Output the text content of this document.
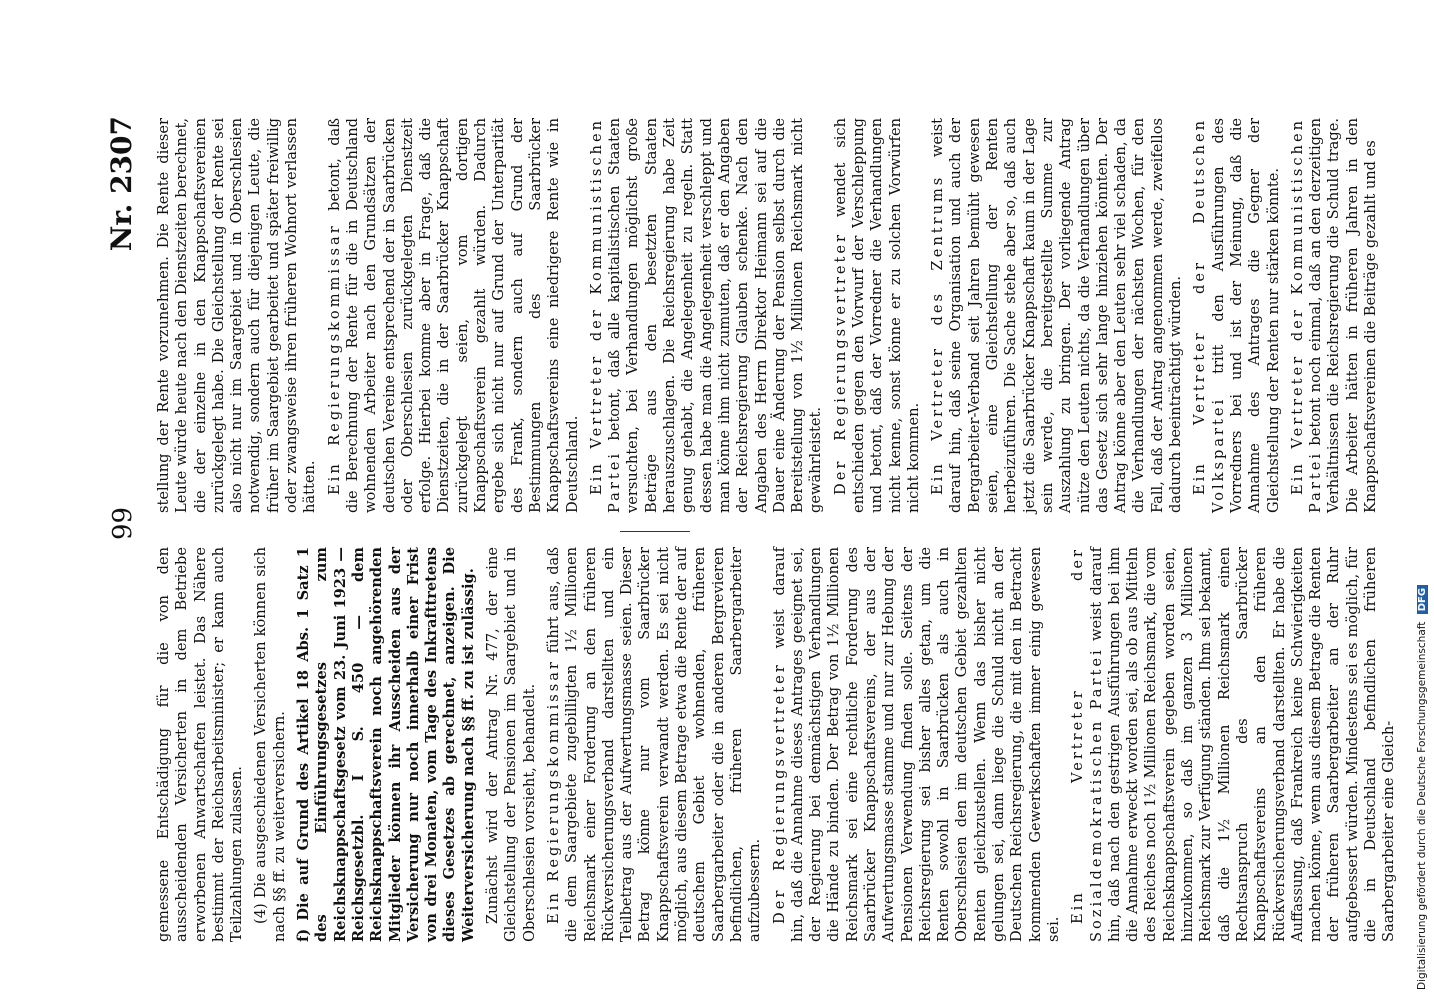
99
Nr. 2307

gemessene Entschädigung für die von den ausscheidenden Versicherten in dem Betriebe erworbenen Anwartschaften leistet. Das Nähere bestimmt der Reichsarbeitsminister; er kann auch Teilzahlungen zulassen. (4) Die ausgeschiedenen Versicherten können sich nach §§ ff. zu weiterversichern. f) Die auf Grund des Artikel 18 Abs. 1 Satz 1 des Einführungsgesetzes zum Reichsknappschaftsgesetz vom 23. Juni 1923 — Reichsgesetzbl. I S. 450 — dem Reichsknappschaftsverein noch angehörenden Mitglieder können ihr Ausscheiden aus der Versicherung nur noch innerhalb einer Frist von drei Monaten, vom Tage des Inkrafttretens dieses Gesetzes ab gerechnet, anzeigen. Die Weiterversicherung nach §§ ff. zu ist zulässig. Zunächst wird der Antrag Nr. 477, der eine Gleichstellung der Pensionen im Saargebiet und in Oberschlesien vorsieht, behandelt. Ein Regierungskommissar führt aus, daß die dem Saargebiete zugebilligten 1½ Millionen Reichsmark einer Forderung an den früheren Rückversicherungsverband darstellten und ein Teilbetrag aus der Aufwertungsmasse seien. Dieser Betrag könne nur vom Saarbrücker Knappschaftsverein verwandt werden. Es sei nicht möglich, aus diesem Betrage etwa die Rente der auf deutschem Gebiet wohnenden, früheren Saarbergarbeiter oder die in anderen Bergrevieren befindlichen, früheren Saarbergarbeiter aufzubessern. Der Regierungsvertreter weist darauf hin, daß die Annahme dieses Antrages geeignet sei, der Regierung bei demnächstigen Verhandlungen die Hände zu binden. Der Betrag von 1½ Millionen Reichsmark sei eine rechtliche Forderung des Saarbrücker Knappschaftsvereins, der aus der Aufwertungsmasse stamme und nur zur Hebung der Pensionen Verwendung finden solle. Seitens der Reichsregierung sei bisher alles getan, um die Renten sowohl in Saarbrücken als auch in Oberschlesien den im deutschen Gebiet gezahlten Renten gleichzustellen. Wenn das bisher nicht gelungen sei, dann liege die Schuld nicht an der Deutschen Reichsregierung, die mit den in Betracht kommenden Gewerkschaften immer einig gewesen sei.

Ein Vertreter der Sozialdemokratischen Partei weist darauf hin, daß nach den gestrigen Ausführungen bei ihm die Annahme erweckt worden sei, als ob aus Mitteln des Reiches noch 1½ Millionen Reichsmark, die vom Reichsknappschaftsverein gegeben worden seien, hinzukommen, so daß im ganzen 3 Millionen Reichsmark zur Verfügung ständen. Ihm sei bekannt, daß die 1½ Millionen Reichsmark einen Rechtsanspruch des Saarbrücker Knappschaftsvereins an den früheren Rückversicherungsverband darstellten. Er habe die Auffassung, daß Frankreich keine Schwierigkeiten machen könne, wenn aus diesem Betrage die Renten der früheren Saarbergarbeiter an der Ruhr aufgebessert würden. Mindestens sei es möglich, für die in Deutschland befindlichen früheren Saarbergarbeiter eine Gleich-

stellung der Rente vorzunehmen. Die Rente dieser Leute würde heute nach den Dienstzeiten berechnet, die der einzelne in den Knappschaftsvereinen zurückgelegt habe. Die Gleichstellung der Rente sei also nicht nur im Saargebiet und in Oberschlesien notwendig, sondern auch für diejenigen Leute, die früher im Saargebiet gearbeitet und später freiwillig oder zwangsweise ihren früheren Wohnort verlassen hätten. Ein Regierungskommissar betont, daß die Berechnung der Rente für die in Deutschland wohnenden Arbeiter nach den Grundsätzen der deutschen Vereine entsprechend der in Saarbrücken oder Oberschlesien zurückgelegten Dienstzeit erfolge. Hierbei komme aber in Frage, daß die Dienstzeiten, die in der Saarbrücker Knappschaft zurückgelegt seien, vom dortigen Knappschaftsverein gezahlt würden. Dadurch ergebe sich nicht nur auf Grund der Unterparität des Frank, sondern auch auf Grund der Bestimmungen des Saarbrücker Knappschaftsvereins eine niedrigere Rente wie in Deutschland. Ein Vertreter der Kommunistischen Partei betont, daß alle kapitalistischen Staaten versuchten, bei Verhandlungen möglichst große Beträge aus den besetzten Staaten herauszuschlagen. Die Reichsregierung habe Zeit genug gehabt, die Angelegenheit zu regeln. Statt dessen habe man die Angelegenheit verschleppt und man könne ihm nicht zumuten, daß er den Angaben der Reichsregierung Glauben schenke. Nach den Angaben des Herrn Direktor Heimann sei auf die Dauer eine Änderung der Pension selbst durch die Bereitstellung von 1½ Millionen Reichsmark nicht gewährleistet. Der Regierungsvertreter wendet sich entschieden gegen den Vorwurf der Verschleppung und betont, daß der Vorredner die Verhandlungen nicht kenne, sonst könne er zu solchen Vorwürfen nicht kommen. Ein Vertreter des Zentrums weist darauf hin, daß seine Organisation und auch der Bergarbeiter-Verband seit Jahren bemüht gewesen seien, eine Gleichstellung der Renten herbeizuführen. Die Sache stehe aber so, daß auch jetzt die Saarbrücker Knappschaft kaum in der Lage sein werde, die bereitgestellte Summe zur Auszahlung zu bringen. Der vorliegende Antrag nütze den Leuten nichts, da die Verhandlungen über das Gesetz sich sehr lange hinziehen könnten. Der Antrag könne aber den Leuten sehr viel schaden, da die Verhandlungen der nächsten Wochen, für den Fall, daß der Antrag angenommen werde, zweifellos dadurch beeinträchtigt würden. Ein Vertreter der Deutschen Volkspartei tritt den Ausführungen des Vorredners bei und ist der Meinung, daß die Annahme des Antrages die Gegner der Gleichstellung der Renten nur stärken könnte. Ein Vertreter der Kommunistischen Partei betont noch einmal, daß an den derzeitigen Verhältnissen die Reichsregierung die Schuld trage. Die Arbeiter hätten in früheren Jahren in den Knappschaftsvereinen die Beiträge gezahlt und es

Digitalisierung gefördert durch die Deutsche Forschungsgemeinschaft DFG
